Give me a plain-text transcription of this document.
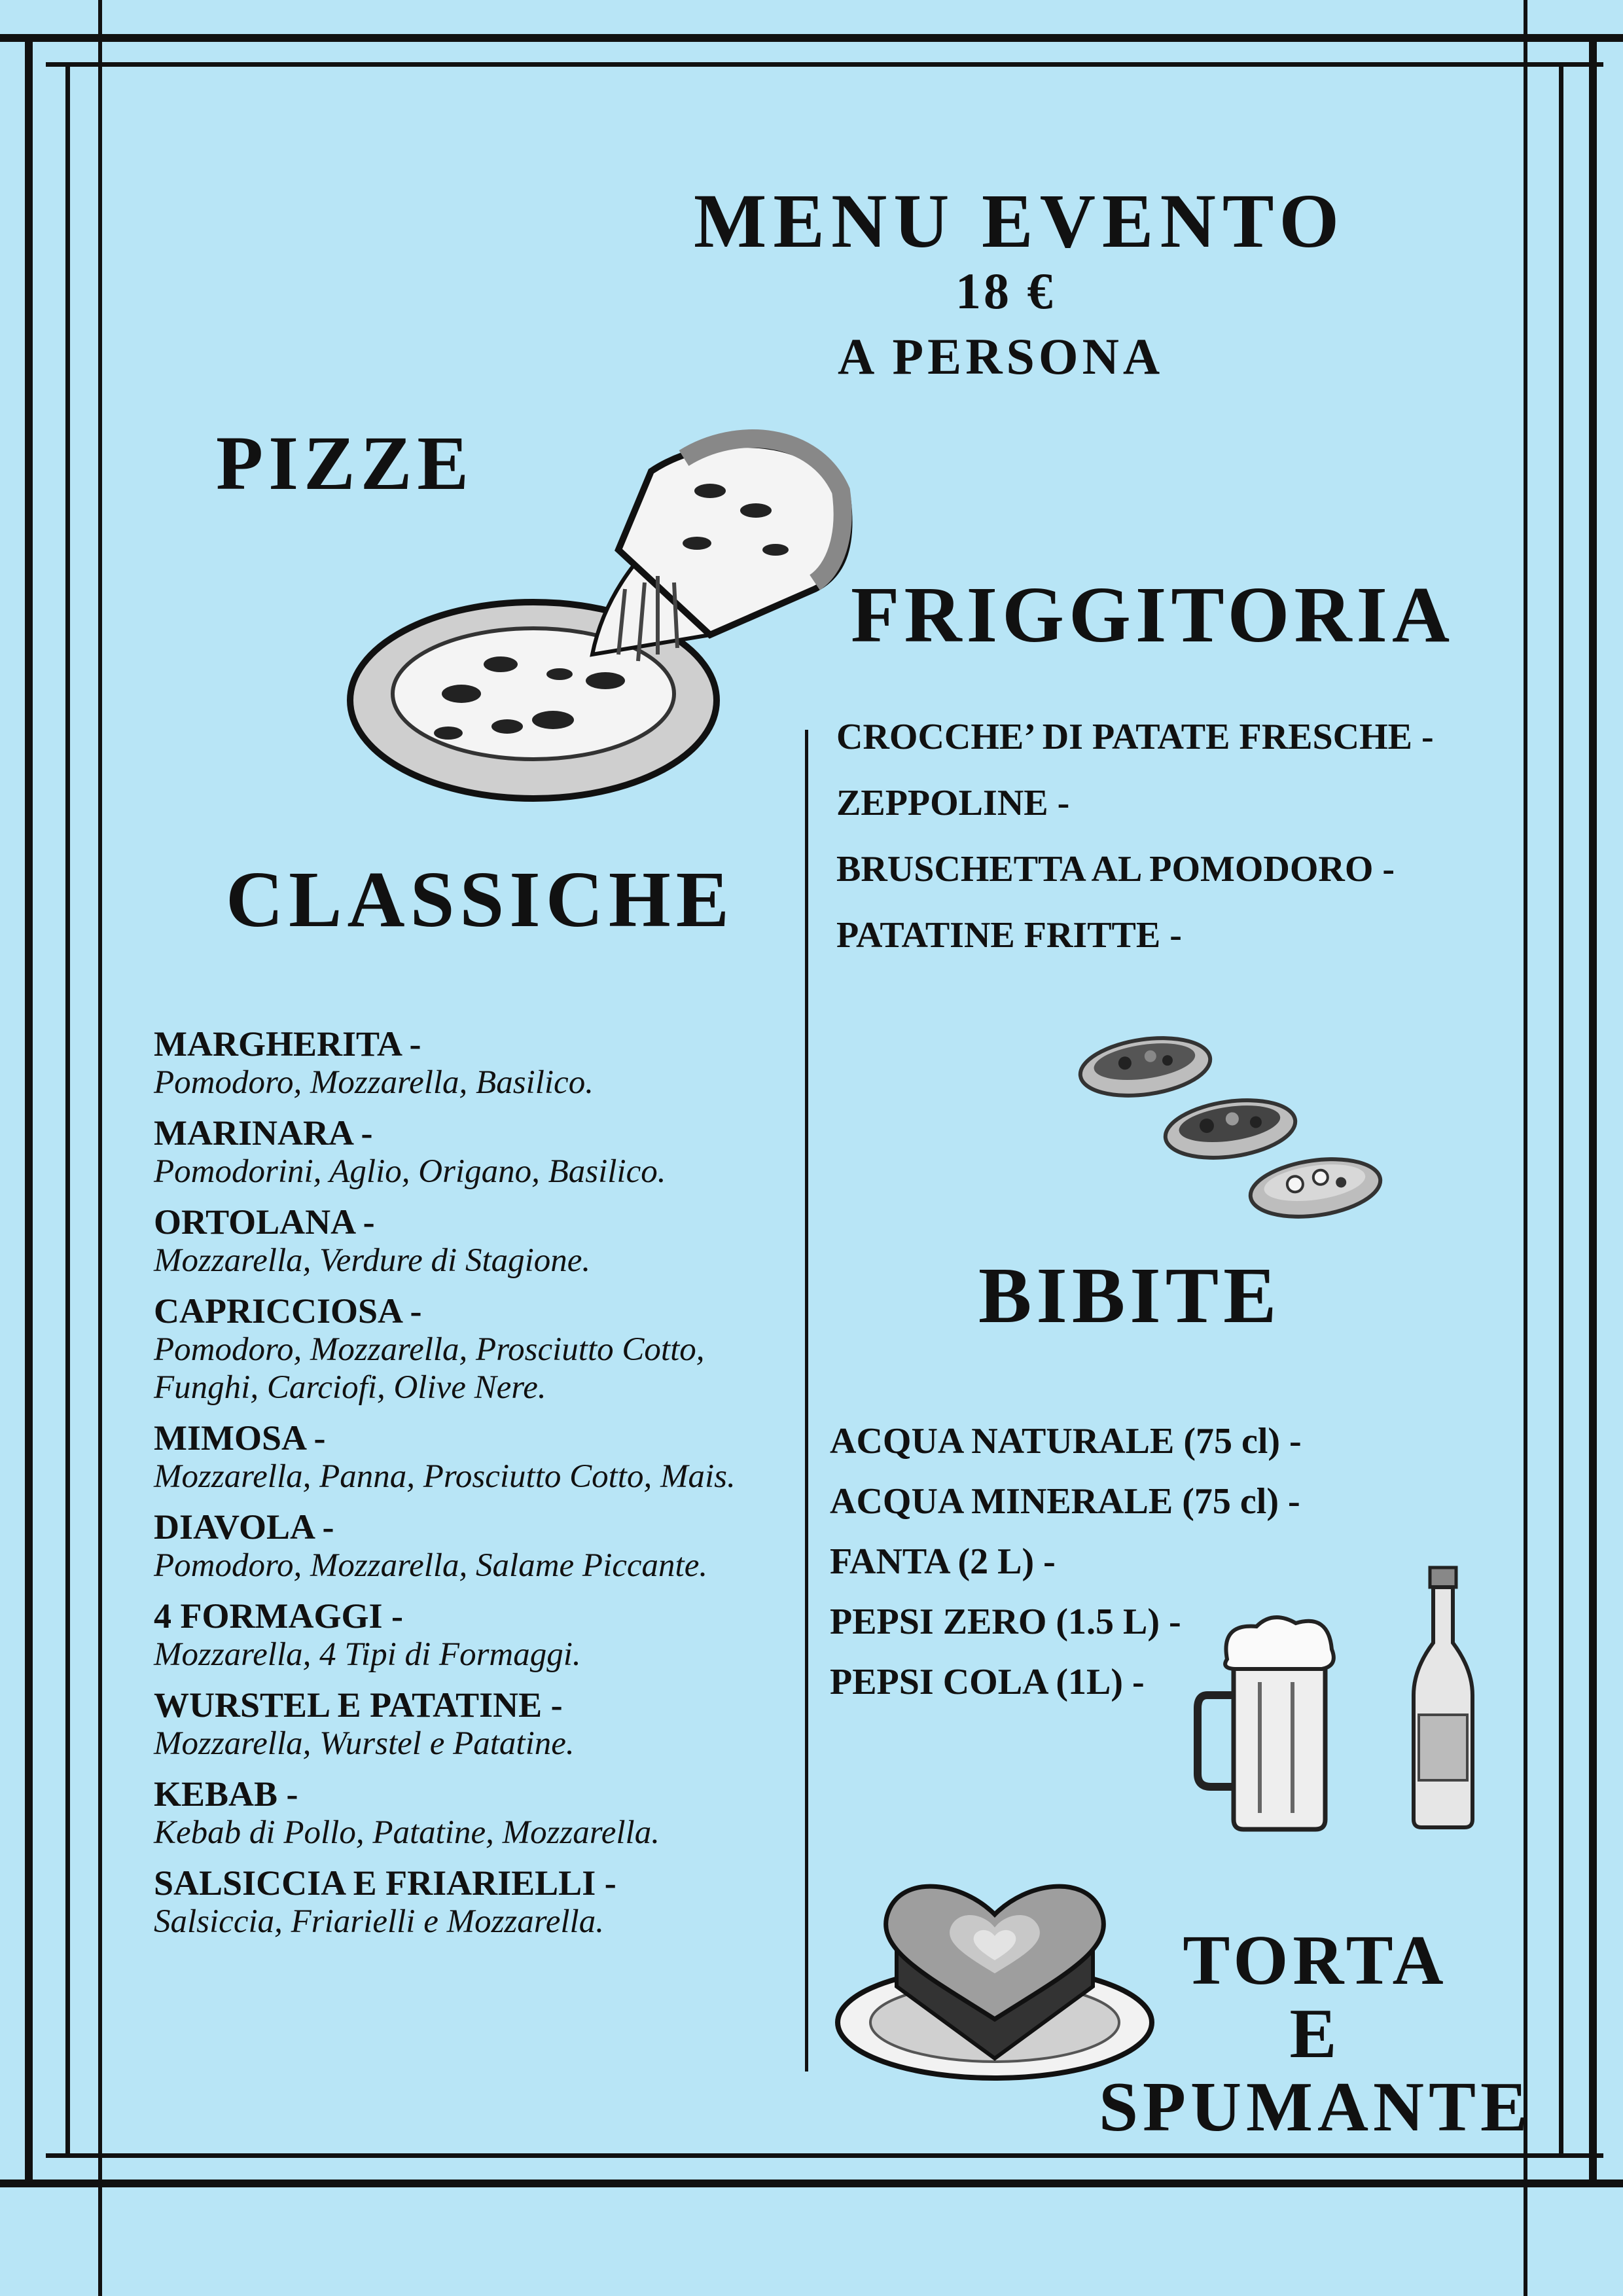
MENU EVENTO
18 €
A PERSONA
PIZZE
FRIGGITORIA
CLASSICHE
BIBITE
MARGHERITA -
Pomodoro, Mozzarella, Basilico.
MARINARA -
Pomodorini, Aglio, Origano, Basilico.
ORTOLANA -
Mozzarella, Verdure di Stagione.
CAPRICCIOSA -
Pomodoro, Mozzarella, Prosciutto Cotto, Funghi, Carciofi, Olive Nere.
MIMOSA -
Mozzarella, Panna, Prosciutto Cotto, Mais.
DIAVOLA -
Pomodoro, Mozzarella, Salame Piccante.
4 FORMAGGI -
Mozzarella, 4 Tipi di Formaggi.
WURSTEL E PATATINE -
Mozzarella, Wurstel e Patatine.
KEBAB -
Kebab di Pollo, Patatine, Mozzarella.
SALSICCIA E FRIARIELLI -
Salsiccia, Friarielli e Mozzarella.
CROCCHE’ DI PATATE FRESCHE -
ZEPPOLINE -
BRUSCHETTA AL POMODORO -
PATATINE FRITTE -
ACQUA NATURALE (75 cl) -
ACQUA MINERALE (75 cl) -
FANTA (2 L) -
PEPSI ZERO (1.5 L) -
PEPSI COLA (1L) -
TORTA
E
SPUMANTE
